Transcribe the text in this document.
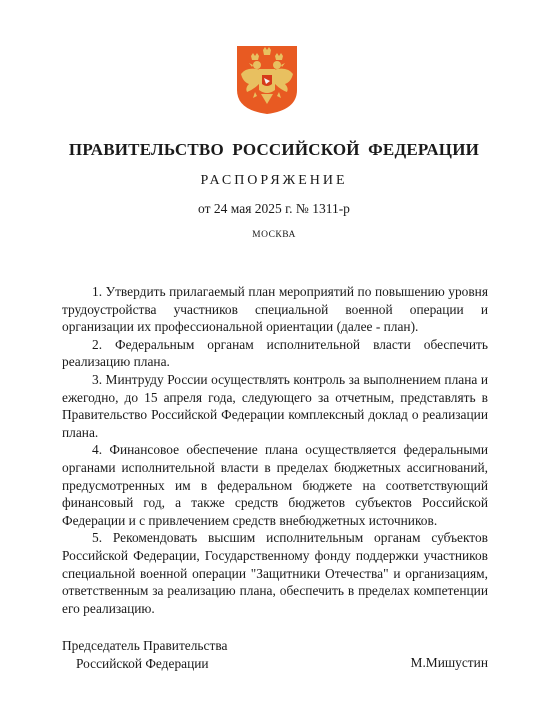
ПРАВИТЕЛЬСТВО РОССИЙСКОЙ ФЕДЕРАЦИИ
РАСПОРЯЖЕНИЕ
от 24 мая 2025 г. № 1311-р
МОСКВА

1. Утвердить прилагаемый план мероприятий по повышению уровня трудоустройства участников специальной военной операции и организации их профессиональной ориентации (далее - план).

2. Федеральным органам исполнительной власти обеспечить реализацию плана.

3. Минтруду России осуществлять контроль за выполнением плана и ежегодно, до 15 апреля года, следующего за отчетным, представлять в Правительство Российской Федерации комплексный доклад о реализации плана.

4. Финансовое обеспечение плана осуществляется федеральными органами исполнительной власти в пределах бюджетных ассигнований, предусмотренных им в федеральном бюджете на соответствующий финансовый год, а также средств бюджетов субъектов Российской Федерации и с привлечением средств внебюджетных источников.

5. Рекомендовать высшим исполнительным органам субъектов Российской Федерации, Государственному фонду поддержки участников специальной военной операции "Защитники Отечества" и организациям, ответственным за реализацию плана, обеспечить в пределах компетенции его реализацию.

Председатель Правительства
Российской Федерации	М.Мишустин
